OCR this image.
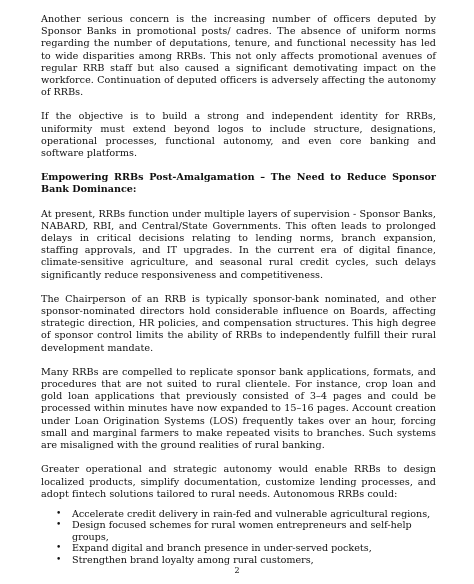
Another serious concern is the increasing number of officers deputed by Sponsor Banks in promotional posts/ cadres. The absence of uniform norms regarding the number of deputations, tenure, and functional necessity has led to wide disparities among RRBs. This not only affects promotional avenues of regular RRB staff but also caused a significant demotivating impact on the workforce. Continuation of deputed officers is adversely affecting the autonomy of RRBs.

If the objective is to build a strong and independent identity for RRBs, uniformity must extend beyond logos to include structure, designations, operational processes, functional autonomy, and even core banking and software platforms.

Empowering RRBs Post-Amalgamation – The Need to Reduce Sponsor Bank Dominance:

At present, RRBs function under multiple layers of supervision - Sponsor Banks, NABARD, RBI, and Central/State Governments. This often leads to prolonged delays in critical decisions relating to lending norms, branch expansion, staffing approvals, and IT upgrades. In the current era of digital finance, climate-sensitive agriculture, and seasonal rural credit cycles, such delays significantly reduce responsiveness and competitiveness.

The Chairperson of an RRB is typically sponsor-bank nominated, and other sponsor-nominated directors hold considerable influence on Boards, affecting strategic direction, HR policies, and compensation structures. This high degree of sponsor control limits the ability of RRBs to independently fulfill their rural development mandate.

Many RRBs are compelled to replicate sponsor bank applications, formats, and procedures that are not suited to rural clientele. For instance, crop loan and gold loan applications that previously consisted of 3–4 pages and could be processed within minutes have now expanded to 15–16 pages. Account creation under Loan Origination Systems (LOS) frequently takes over an hour, forcing small and marginal farmers to make repeated visits to branches. Such systems are misaligned with the ground realities of rural banking.

Greater operational and strategic autonomy would enable RRBs to design localized products, simplify documentation, customize lending processes, and adopt fintech solutions tailored to rural needs. Autonomous RRBs could:

• Accelerate credit delivery in rain-fed and vulnerable agricultural regions,
• Design focused schemes for rural women entrepreneurs and self-help groups,
• Expand digital and branch presence in under-served pockets,
• Strengthen brand loyalty among rural customers,
2
